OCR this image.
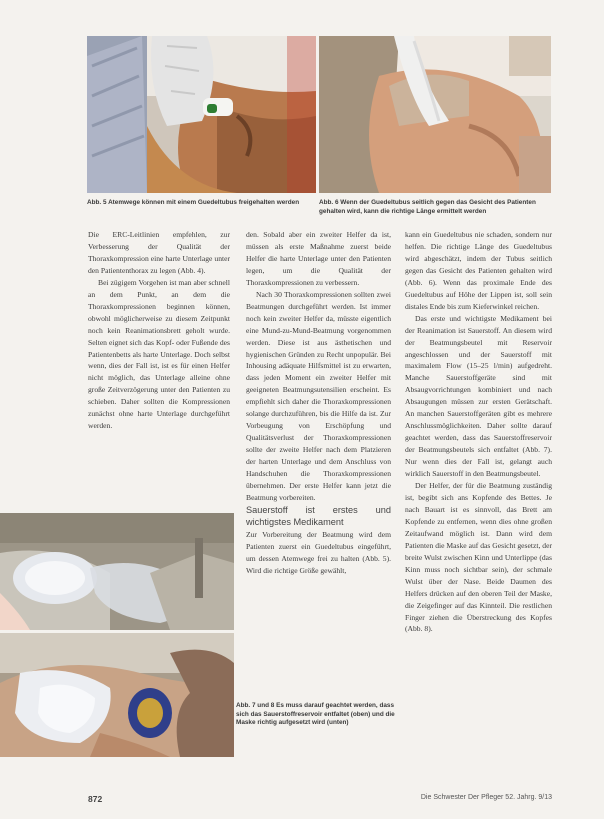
Abb. 5 Atemwege können mit einem Guedeltubus freigehalten werden	Abb. 6 Wenn der Guedeltubus seitlich gegen das Gesicht des Patienten gehalten wird, kann die richtige Länge ermittelt werden

Abb. 7 und 8 Es muss darauf geachtet werden, dass sich das Sauerstoffreservoir entfaltet (oben) und die Maske richtig aufgesetzt wird (unten)

Die ERC-Leitlinien empfehlen, zur Verbesserung der Qualität der Thoraxkompression eine harte Unterlage unter den Patiententhorax zu legen (Abb. 4).

Bei zügigem Vorgehen ist man aber schnell an dem Punkt, an dem die Thoraxkompressionen beginnen können, obwohl möglicherweise zu diesem Zeitpunkt noch kein Reanimationsbrett geholt wurde. Selten eignet sich das Kopf- oder Fußende des Patientenbetts als harte Unterlage. Doch selbst wenn, dies der Fall ist, ist es für einen Helfer nicht möglich, das Unterlage alleine ohne große Zeitverzögerung unter den Patienten zu schieben. Daher sollten die Kompressionen zunächst ohne harte Unterlage durchgeführt werden.

den. Sobald aber ein zweiter Helfer da ist, müssen als erste Maßnahme zuerst beide Helfer die harte Unterlage unter den Patienten legen, um die Qualität der Thoraxkompressionen zu verbessern.

Nach 30 Thoraxkompressionen sollten zwei Beatmungen durchgeführt werden. Ist immer noch kein zweiter Helfer da, müsste eigentlich eine Mund-zu-Mund-Beatmung vorgenommen werden. Diese ist aus ästhetischen und hygienischen Gründen zu Recht unpopulär. Bei Inhousing adäquate Hilfsmittel ist zu erwarten, dass jeden Moment ein zweiter Helfer mit geeigneten Beatmungsutensilien erscheint. Es empfiehlt sich daher die Thoraxkompressionen solange durchzuführen, bis die Hilfe da ist. Zur Vorbeugung von Erschöpfung und Qualitätsverlust der Thoraxkompressionen sollte der zweite Helfer nach dem Platzieren der harten Unterlage und dem Anschluss von Handschuhen die Thoraxkompressionen übernehmen. Der erste Helfer kann jetzt die Beatmung vorbereiten.

Sauerstoff ist erstes und wichtigstes Medikament

Zur Vorbereitung der Beatmung wird dem Patienten zuerst ein Guedeltubus eingeführt, um dessen Atemwege frei zu halten (Abb. 5). Wird die richtige Größe gewählt,

kann ein Guedeltubus nie schaden, sondern nur helfen. Die richtige Länge des Guedeltubus wird abgeschätzt, indem der Tubus seitlich gegen das Gesicht des Patienten gehalten wird (Abb. 6). Wenn das proximale Ende des Guedeltubus auf Höhe der Lippen ist, soll sein distales Ende bis zum Kieferwinkel reichen.

Das erste und wichtigste Medikament bei der Reanimation ist Sauerstoff. An diesem wird der Beatmungsbeutel mit Reservoir angeschlossen und der Sauerstoff mit maximalem Flow (15–25 l/min) aufgedreht. Manche Sauerstoffgeräte sind mit Absaugvorrichtungen kombiniert und nach Absaugungen müssen zur ersten Gerätschaft. An manchen Sauerstoffgeräten gibt es mehrere Anschlussmöglichkeiten. Daher sollte darauf geachtet werden, dass das Sauerstoffreservoir der Beatmungsbeutels sich entfaltet (Abb. 7). Nur wenn dies der Fall ist, gelangt auch wirklich Sauerstoff in den Beatmungsbeutel.

Der Helfer, der für die Beatmung zuständig ist, begibt sich ans Kopfende des Bettes. Je nach Bauart ist es sinnvoll, das Brett am Kopfende zu entfernen, wenn dies ohne großen Zeitaufwand möglich ist. Dann wird dem Patienten die Maske auf das Gesicht gesetzt, der breite Wulst zwischen Kinn und Unterlippe (das Kinn muss noch sichtbar sein), der schmale Wulst über der Nase. Beide Daumen des Helfers drücken auf den oberen Teil der Maske, die Zeigefinger auf das Kinnteil. Die restlichen Finger ziehen die Überstreckung des Kopfes (Abb. 8).

872	Die Schwester Der Pfleger 52. Jahrg. 9/13
